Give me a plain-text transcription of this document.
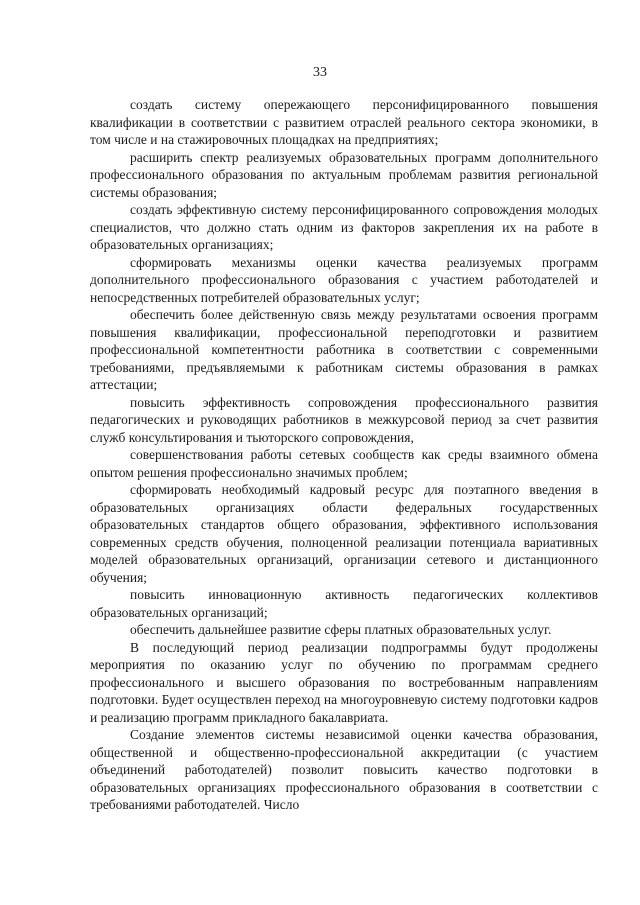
33

создать систему опережающего персонифицированного повышения квалификации в соответствии с развитием отраслей реального сектора экономики, в том числе и на стажировочных площадках на предприятиях;

расширить спектр реализуемых образовательных программ дополнительного профессионального образования по актуальным проблемам развития региональной системы образования;

создать эффективную систему персонифицированного сопровождения молодых специалистов, что должно стать одним из факторов закрепления их на работе в образовательных организациях;

сформировать механизмы оценки качества реализуемых программ дополнительного профессионального образования с участием работодателей и непосредственных потребителей образовательных услуг;

обеспечить более действенную связь между результатами освоения программ повышения квалификации, профессиональной переподготовки и развитием профессиональной компетентности работника в соответствии с современными требованиями, предъявляемыми к работникам системы образования в рамках аттестации;

повысить эффективность сопровождения профессионального развития педагогических и руководящих работников в межкурсовой период за счет развития служб консультирования и тьюторского сопровождения,

совершенствования работы сетевых сообществ как среды взаимного обмена опытом решения профессионально значимых проблем;

сформировать необходимый кадровый ресурс для поэтапного введения в образовательных организациях области федеральных государственных образовательных стандартов общего образования, эффективного использования современных средств обучения, полноценной реализации потенциала вариативных моделей образовательных организаций, организации сетевого и дистанционного обучения;

повысить инновационную активность педагогических коллективов образовательных организаций;

обеспечить дальнейшее развитие сферы платных образовательных услуг.

В последующий период реализации подпрограммы будут продолжены мероприятия по оказанию услуг по обучению по программам среднего профессионального и высшего образования по востребованным направлениям подготовки. Будет осуществлен переход на многоуровневую систему подготовки кадров и реализацию программ прикладного бакалавриата.

Создание элементов системы независимой оценки качества образования, общественной и общественно-профессиональной аккредитации (с участием объединений работодателей) позволит повысить качество подготовки в образовательных организациях профессионального образования в соответствии с требованиями работодателей. Число
